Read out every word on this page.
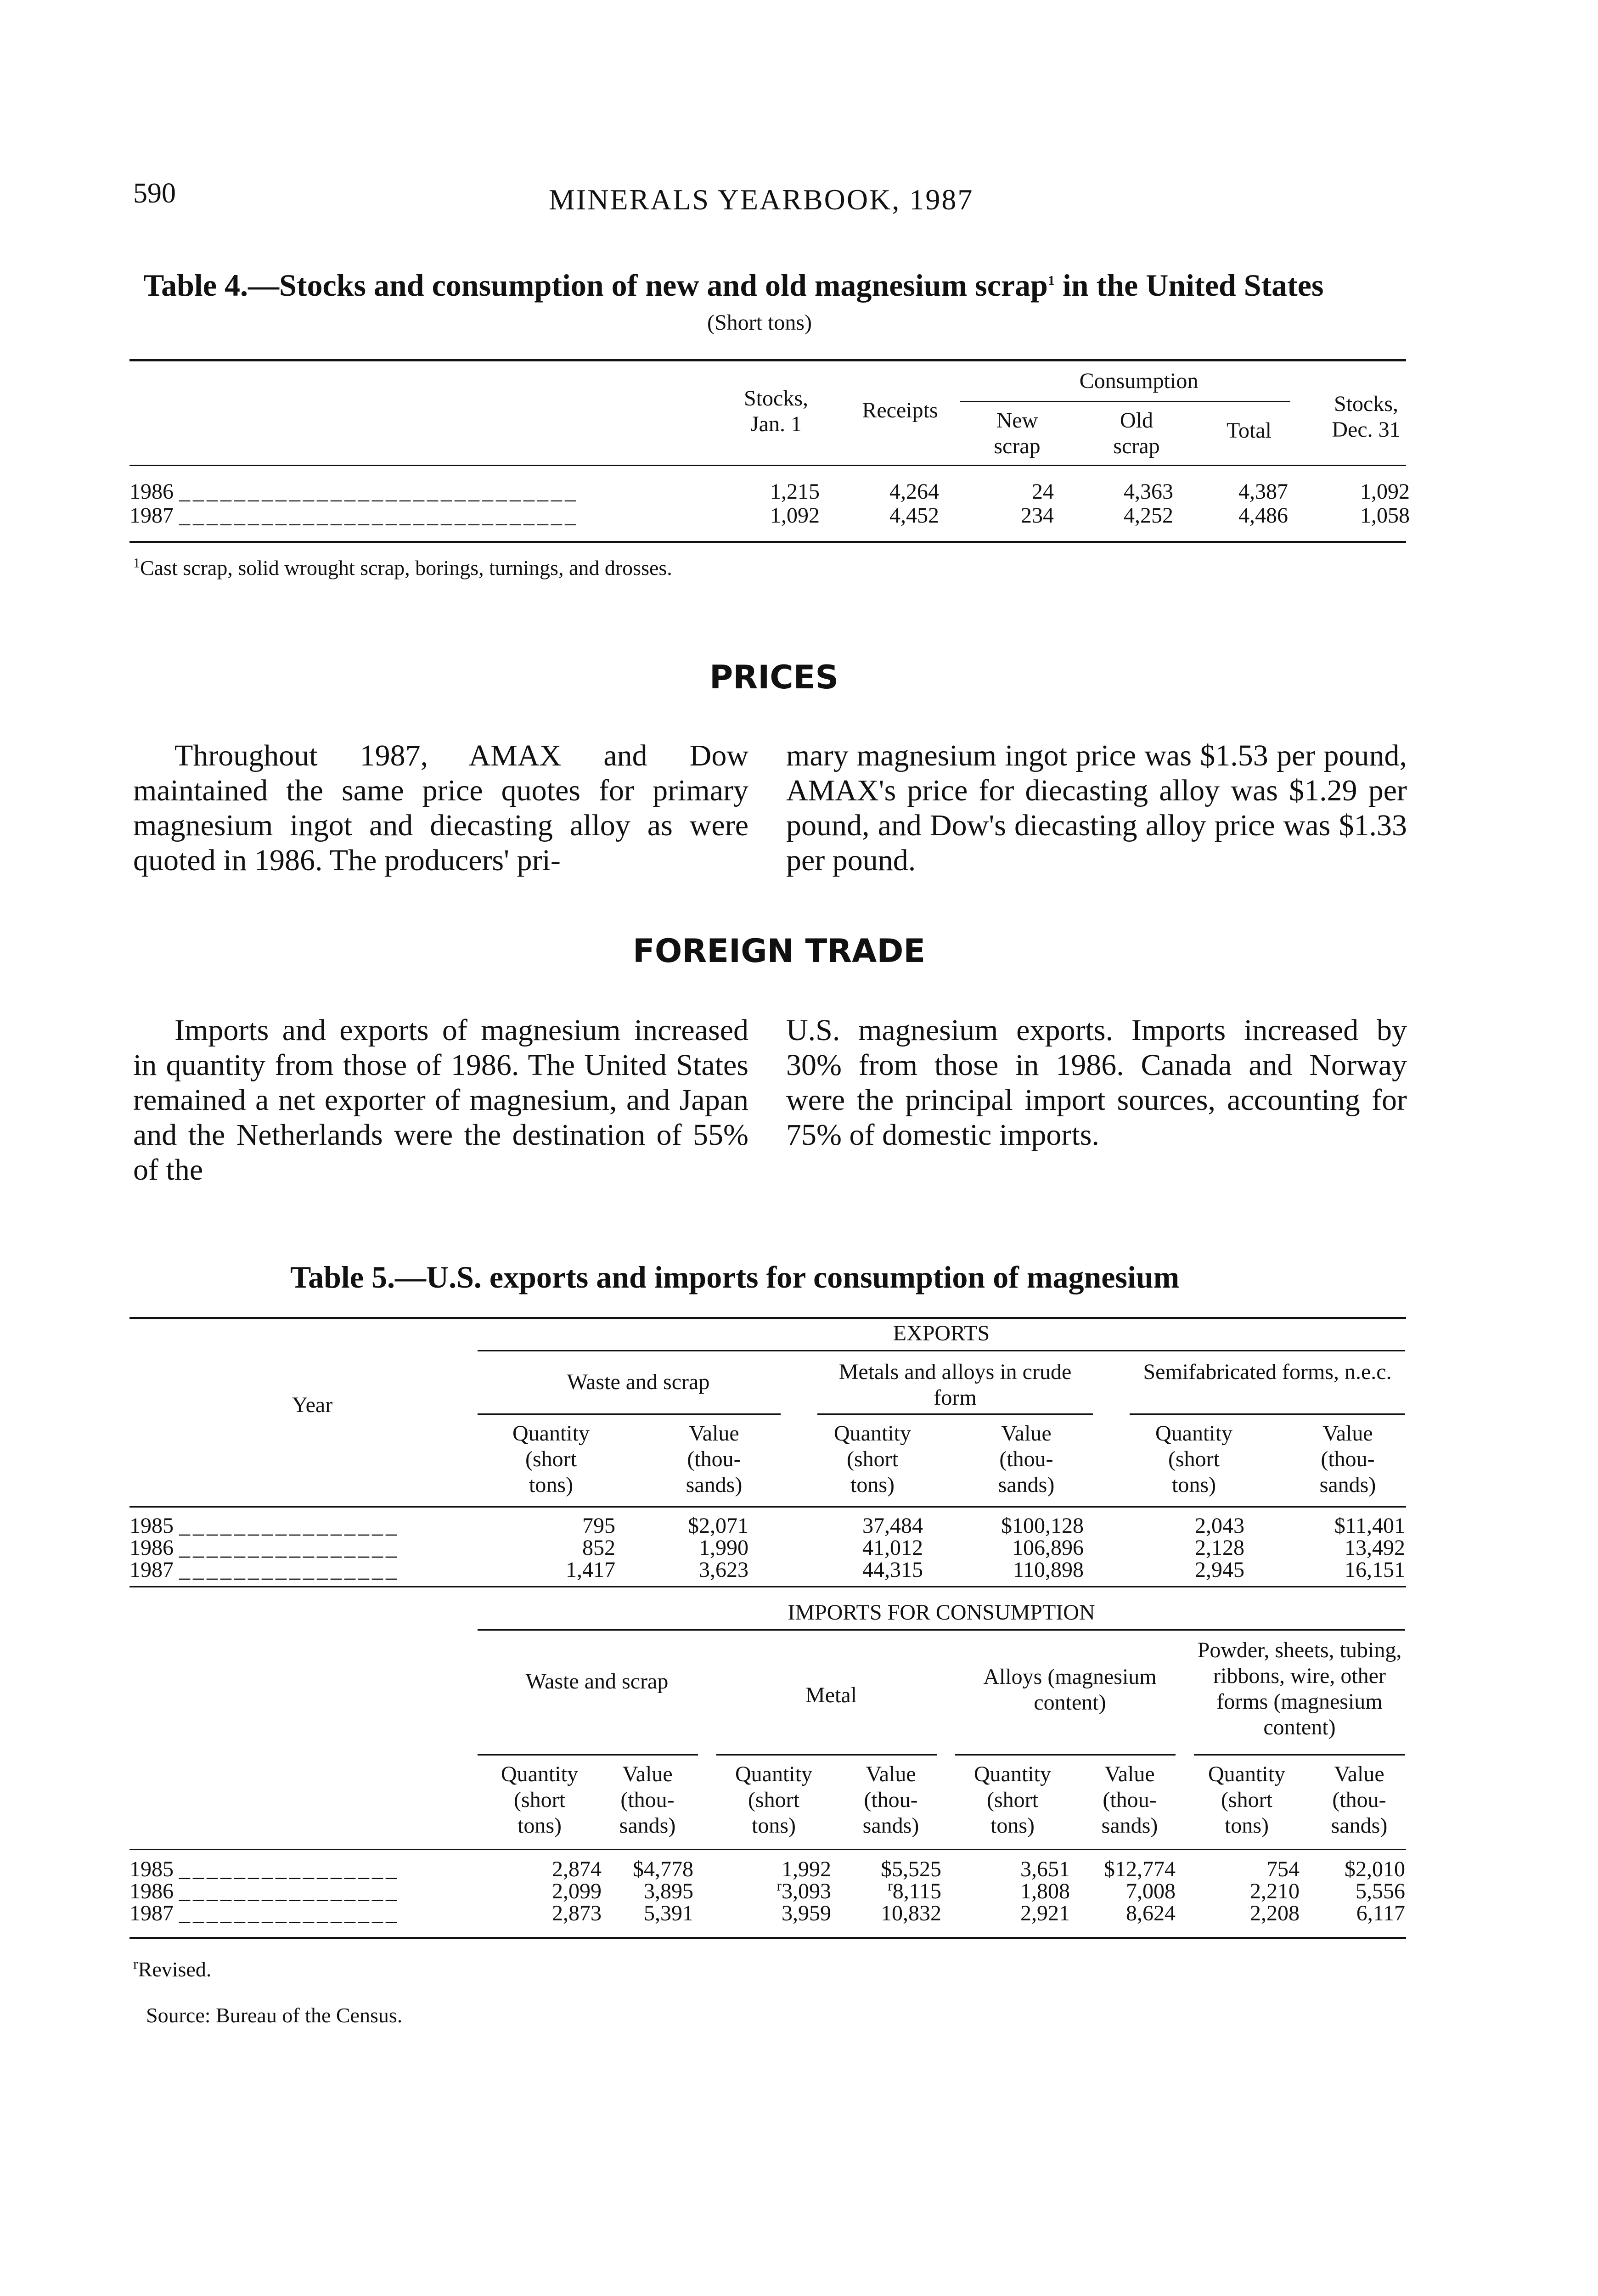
590	MINERALS YEARBOOK, 1987
Table 4.—Stocks and consumption of new and old magnesium scrap$^1$ in the United States
(Short tons)
Stocks,
Jan. 1
Receipts
Consumption
New
scrap
Old
scrap
Total
Stocks,
Dec. 31
1986 _____________________________	1,215	4,264	24	4,363	4,387	1,092
1987 _____________________________	1,092	4,452	234	4,252	4,486	1,058
$^1$Cast scrap, solid wrought scrap, borings, turnings, and drosses.
PRICES

Throughout 1987, AMAX and Dow maintained the same price quotes for primary magnesium ingot and diecasting alloy as were quoted in 1986. The producers' pri-

mary magnesium ingot price was $1.53 per pound, AMAX's price for diecasting alloy was $1.29 per pound, and Dow's diecasting alloy price was $1.33 per pound.

FOREIGN TRADE

Imports and exports of magnesium increased in quantity from those of 1986. The United States remained a net exporter of magnesium, and Japan and the Netherlands were the destination of 55% of the

U.S. magnesium exports. Imports increased by 30% from those in 1986. Canada and Norway were the principal import sources, accounting for 75% of domestic imports.

Table 5.—U.S. exports and imports for consumption of magnesium
EXPORTS
Year
Waste and scrap	Metals and alloys in crude form
Semifabricated forms, n.e.c.
Quantity
(short
tons)
Value
(thou-
sands)
Quantity
(short
tons)
Value
(thou-
sands)
Quantity
(short
tons)
Value
(thou-
sands)
1985 ________________	795	$2,071	37,484	$100,128	2,043	$11,401
1986 ________________	852	1,990	41,012	106,896	2,128	13,492
1987 ________________	1,417	3,623	44,315	110,898	2,945	16,151
IMPORTS FOR CONSUMPTION
Waste and scrap
Metal
Alloys (magnesium content)
Powder, sheets, tubing, ribbons, wire, other forms (magnesium content)
Quantity
(short
tons)
Value
(thou-
sands)
Quantity
(short
tons)
Value
(thou-
sands)
Quantity
(short
tons)
Value
(thou-
sands)
Quantity
(short
tons)
Value
(thou-
sands)
1985 ________________	2,874	$4,778	1,992	$5,525	3,651	$12,774	754	$2,010
1986 ________________	2,099	3,895	$^r$3,093	$^r$8,115	1,808	7,008	2,210	5,556
1987 ________________	2,873	5,391	3,959	10,832	2,921	8,624	2,208	6,117
$^r$Revised.
Source: Bureau of the Census.
